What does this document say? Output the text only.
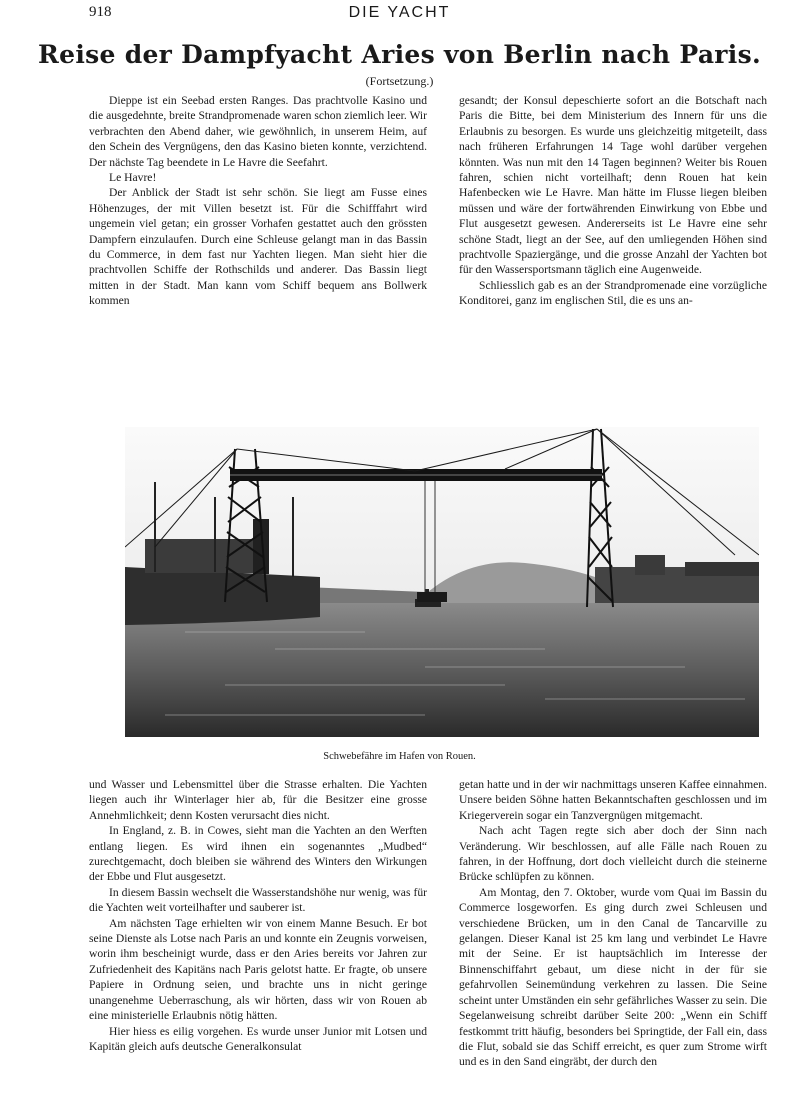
918	DIE YACHT
Reise der Dampfyacht Aries von Berlin nach Paris.
(Fortsetzung.)

Dieppe ist ein Seebad ersten Ranges. Das prachtvolle Kasino und die ausgedehnte, breite Strandpromenade waren schon ziemlich leer. Wir verbrachten den Abend daher, wie gewöhnlich, in unserem Heim, auf den Schein des Vergnügens, den das Kasino bieten konnte, verzichtend. Der nächste Tag beendete in Le Havre die Seefahrt.

Le Havre!

Der Anblick der Stadt ist sehr schön. Sie liegt am Fusse eines Höhenzuges, der mit Villen besetzt ist. Für die Schifffahrt wird ungemein viel getan; ein grosser Vorhafen gestattet auch den grössten Dampfern einzulaufen. Durch eine Schleuse gelangt man in das Bassin du Commerce, in dem fast nur Yachten liegen. Man sieht hier die prachtvollen Schiffe der Rothschilds und anderer. Das Bassin liegt mitten in der Stadt. Man kann vom Schiff bequem ans Bollwerk kommen

gesandt; der Konsul depeschierte sofort an die Botschaft nach Paris die Bitte, bei dem Ministerium des Innern für uns die Erlaubnis zu besorgen. Es wurde uns gleichzeitig mitgeteilt, dass nach früheren Erfahrungen 14 Tage wohl darüber vergehen könnten. Was nun mit den 14 Tagen beginnen? Weiter bis Rouen fahren, schien nicht vorteilhaft; denn Rouen hat kein Hafenbecken wie Le Havre. Man hätte im Flusse liegen bleiben müssen und wäre der fortwährenden Einwirkung von Ebbe und Flut ausgesetzt gewesen. Andererseits ist Le Havre eine sehr schöne Stadt, liegt an der See, auf den umliegenden Höhen sind prachtvolle Spaziergänge, und die grosse Anzahl der Yachten bot für den Wassersportsmann täglich eine Augenweide.

Schliesslich gab es an der Strandpromenade eine vorzügliche Konditorei, ganz im englischen Stil, die es uns an-

Schwebefähre im Hafen von Rouen.

und Wasser und Lebensmittel über die Strasse erhalten. Die Yachten liegen auch ihr Winterlager hier ab, für die Besitzer eine grosse Annehmlichkeit; denn Kosten verursacht dies nicht.

In England, z. B. in Cowes, sieht man die Yachten an den Werften entlang liegen. Es wird ihnen ein sogenanntes „Mudbed“ zurechtgemacht, doch bleiben sie während des Winters den Wirkungen der Ebbe und Flut ausgesetzt.

In diesem Bassin wechselt die Wasserstandshöhe nur wenig, was für die Yachten weit vorteilhafter und sauberer ist.

Am nächsten Tage erhielten wir von einem Manne Besuch. Er bot seine Dienste als Lotse nach Paris an und konnte ein Zeugnis vorweisen, worin ihm bescheinigt wurde, dass er den Aries bereits vor Jahren zur Zufriedenheit des Kapitäns nach Paris gelotst hatte. Er fragte, ob unsere Papiere in Ordnung seien, und brachte uns in nicht geringe unangenehme Ueberraschung, als wir hörten, dass wir von Rouen ab eine ministerielle Erlaubnis nötig hätten.

Hier hiess es eilig vorgehen. Es wurde unser Junior mit Lotsen und Kapitän gleich aufs deutsche Generalkonsulat

getan hatte und in der wir nachmittags unseren Kaffee einnahmen. Unsere beiden Söhne hatten Bekanntschaften geschlossen und im Kriegerverein sogar ein Tanzvergnügen mitgemacht.

Nach acht Tagen regte sich aber doch der Sinn nach Veränderung. Wir beschlossen, auf alle Fälle nach Rouen zu fahren, in der Hoffnung, dort doch vielleicht durch die steinerne Brücke schlüpfen zu können.

Am Montag, den 7. Oktober, wurde vom Quai im Bassin du Commerce losgeworfen. Es ging durch zwei Schleusen und verschiedene Brücken, um in den Canal de Tancarville zu gelangen. Dieser Kanal ist 25 km lang und verbindet Le Havre mit der Seine. Er ist hauptsächlich im Interesse der Binnenschiffahrt gebaut, um diese nicht in der für sie gefahrvollen Seinemündung verkehren zu lassen. Die Seine scheint unter Umständen ein sehr gefährliches Wasser zu sein. Die Segelanweisung schreibt darüber Seite 200: „Wenn ein Schiff festkommt tritt häufig, besonders bei Springtide, der Fall ein, dass die Flut, sobald sie das Schiff erreicht, es quer zum Strome wirft und es in den Sand eingräbt, der durch den
